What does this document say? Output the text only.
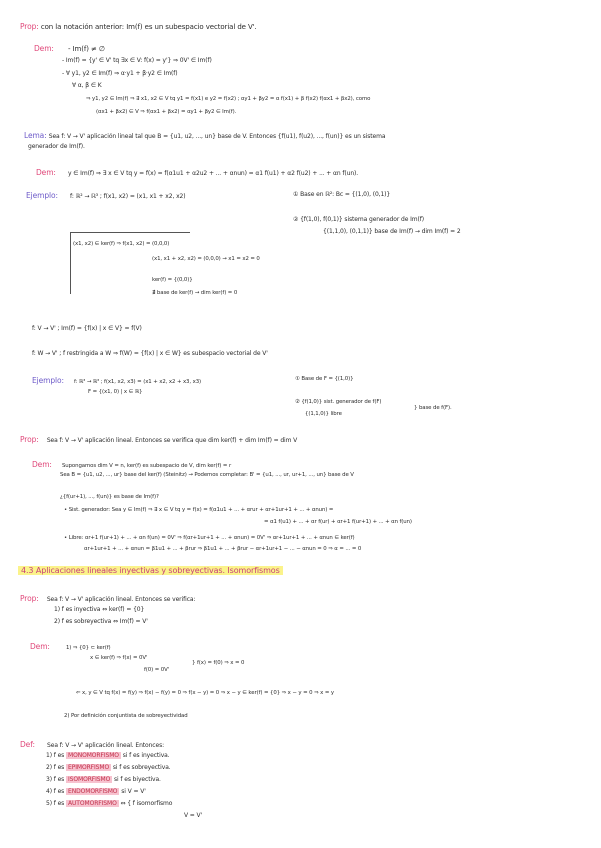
Prop: con la notación anterior: Im(f) es un subespacio vectorial de V'.
Dem: - Im(f) ≠ ∅
- Im(f) = {y' ∈ V' tq ∃x ∈ V: f(x) = y'} ⇒ 0V' ∈ Im(f)
- ∀ y1, y2 ∈ Im(f) ⇒ α·y1 + β·y2 ∈ Im(f)
∀ α, β ∈ K
⇒ y1, y2 ∈ Im(f) ⇒ ∃ x1, x2 ∈ V tq y1 = f(x1) e y2 = f(x2) ; αy1 + βy2 = α f(x1) + β f(x2) f(αx1 + βx2), como
(αx1 + βx2) ∈ V ⇒ f(αx1 + βx2) = αy1 + βy2 ∈ Im(f).
Lema: Sea f: V → V' aplicación lineal tal que B = {u1, u2, ..., un} base de V. Entonces {f(u1), f(u2), ..., f(un)} es un sistema
generador de Im(f).
Dem: y ∈ Im(f) ⇒ ∃ x ∈ V tq y = f(x) = f(α1u1 + α2u2 + ... + αnun) = α1 f(u1) + α2 f(u2) + ... + αn f(un).
Ejemplo: f: ℝ² → ℝ³ ; f(x1, x2) = (x1, x1 + x2, x2)	① Base en ℝ²: Bc = {(1,0), (0,1)}
② {f(1,0), f(0,1)} sistema generador de Im(f)
{(1,1,0), (0,1,1)} base de Im(f) → dim Im(f) = 2
(x1, x2) ∈ ker(f) ⇒ f(x1, x2) = (0,0,0)
(x1, x1 + x2, x2) = (0,0,0) → x1 = x2 = 0
ker(f) = {(0,0)}
∄ base de ker(f) → dim ker(f) = 0
f: V → V' ; Im(f) = {f(x) | x ∈ V} = f(V)
f: W → V' ; f restringida a W ⇒ f(W) = {f(x) | x ∈ W} es subespacio vectorial de V'
Ejemplo: f: ℝ³ → ℝ³ ; f(x1, x2, x3) = (x1 + x2, x2 + x3, x3)
F = {(x1, 0) | x ∈ ℝ}
① Base de F = {(1,0)}
② {f(1,0)} sist. generador de f(F)
{(1,1,0)} libre
} base de f(F).
Prop: Sea f: V → V' aplicación lineal. Entonces se verifica que dim ker(f) + dim Im(f) = dim V
Dem: Supongamos dim V = n, ker(f) es subespacio de V, dim ker(f) = r
Sea B = {u1, u2, ..., ur} base del ker(f) (Steinitz) → Podemos completar: B' = {u1, ..., ur, ur+1, ..., un} base de V
¿{f(ur+1), ..., f(un)} es base de Im(f)?
• Sist. generador: Sea y ∈ Im(f) ⇒ ∃ x ∈ V tq y = f(x) = f(α1u1 + ... + αrur + αr+1ur+1 + ... + αnun) =
= α1 f(u1) + ... + αr f(ur) + αr+1 f(ur+1) + ... + αn f(un)
• Libre: αr+1 f(ur+1) + ... + αn f(un) = 0V' ⇒ f(αr+1ur+1 + ... + αnun) = 0V' ⇒ αr+1ur+1 + ... + αnun ∈ ker(f)
αr+1ur+1 + ... + αnun = β1u1 + ... + βrur ⇒ β1u1 + ... + βrur − αr+1ur+1 − ... − αnun = 0 ⇒ α = ... = 0
4.3 Aplicaciones lineales inyectivas y sobreyectivas. Isomorfismos
Prop: Sea f: V → V' aplicación lineal. Entonces se verifica:
1) f es inyectiva ⇔ ker(f) = {0}
2) f es sobreyectiva ⇔ Im(f) = V'
Dem:	1) ⇒ {0} ⊂ ker(f)
x ∈ ker(f) ⇒ f(x) = 0V'
f(0) = 0V'
} f(x) = f(0) ⇒ x = 0
⇐ x, y ∈ V tq f(x) = f(y) ⇒ f(x) − f(y) = 0 ⇒ f(x − y) = 0 ⇒ x − y ∈ ker(f) = {0} ⇒ x − y = 0 ⇒ x = y
2) Por definición conjuntista de sobreyectividad
Def: Sea f: V → V' aplicación lineal. Entonces:
1) f es MONOMORFISMO si f es inyectiva.
2) f es EPIMORFISMO si f es sobreyectiva.
3) f es ISOMORFISMO si f es biyectiva.
4) f es ENDOMORFISMO si V = V'
5) f es AUTOMORFISMO ⇔ { f isomorfismo
V = V'
